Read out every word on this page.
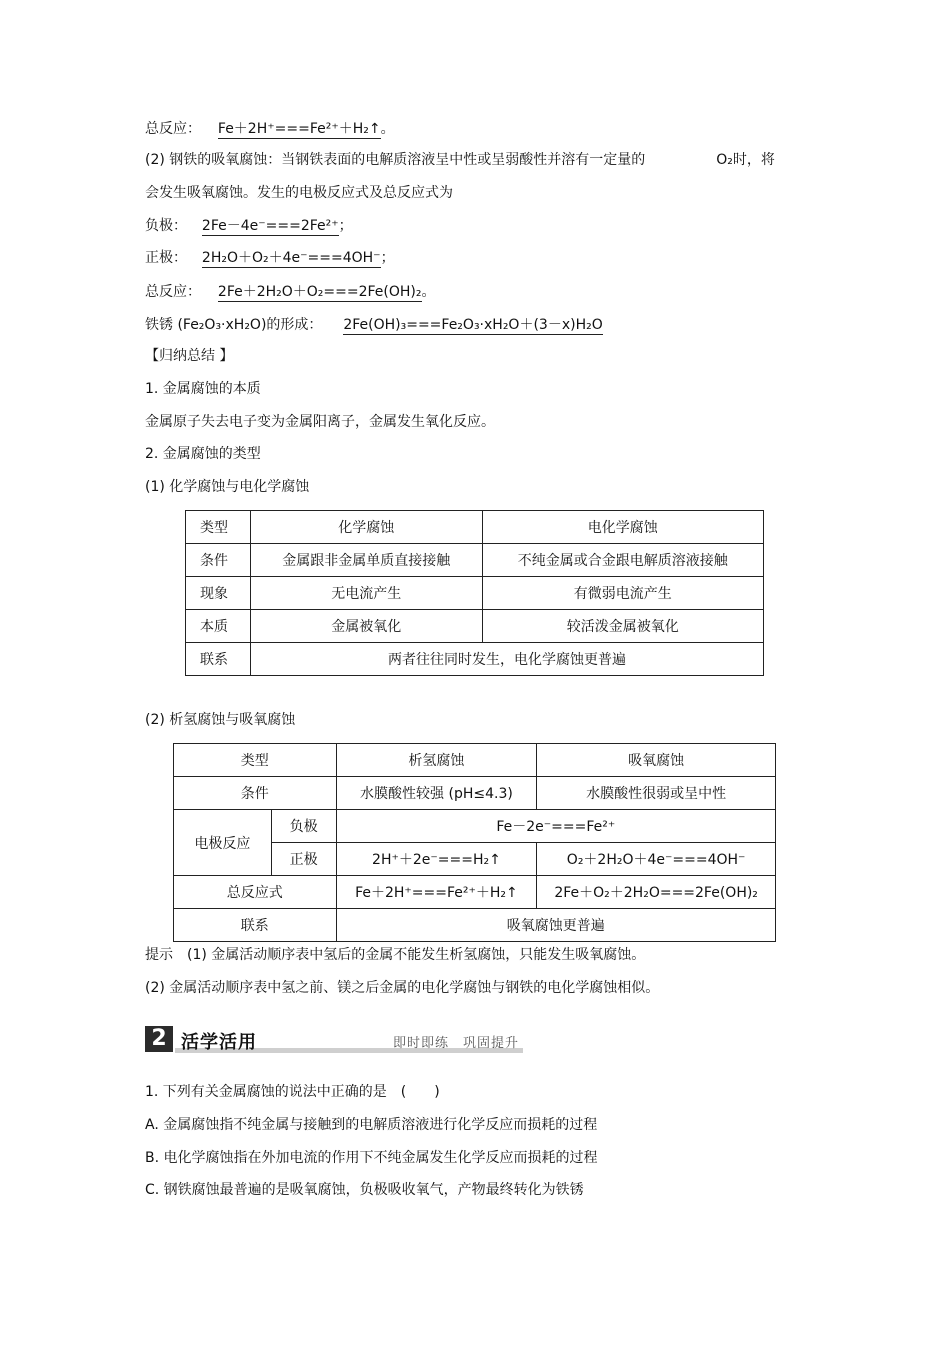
总反应： Fe＋2H⁺===Fe²⁺＋H₂↑。
(2) 钢铁的吸氧腐蚀：当钢铁表面的电解质溶液呈中性或呈弱酸性并溶有一定量的	O₂时，将
会发生吸氧腐蚀。发生的电极反应式及总反应式为
负极： 2Fe－4e⁻===2Fe²⁺；
正极： 2H₂O＋O₂＋4e⁻===4OH⁻；
总反应： 2Fe＋2H₂O＋O₂===2Fe(OH)₂。
铁锈 (Fe₂O₃·xH₂O)的形成： 2Fe(OH)₃===Fe₂O₃·xH₂O＋(3－x)H₂O
【归纳总结 】
1. 金属腐蚀的本质
金属原子失去电子变为金属阳离子，金属发生氧化反应。
2. 金属腐蚀的类型
(1) 化学腐蚀与电化学腐蚀
类型	化学腐蚀	电化学腐蚀
条件	金属跟非金属单质直接接触	不纯金属或合金跟电解质溶液接触
现象	无电流产生	有微弱电流产生
本质	金属被氧化	较活泼金属被氧化
联系	两者往往同时发生，电化学腐蚀更普遍	
(2) 析氢腐蚀与吸氧腐蚀
类型		析氢腐蚀	吸氧腐蚀
条件		水膜酸性较强 (pH≤4.3)	水膜酸性很弱或呈中性
电极反应	负极	Fe－2e⁻===Fe²⁺	
	正极	2H⁺＋2e⁻===H₂↑	O₂＋2H₂O＋4e⁻===4OH⁻
总反应式		Fe＋2H⁺===Fe²⁺＋H₂↑	2Fe＋O₂＋2H₂O===2Fe(OH)₂
联系		吸氧腐蚀更普遍	
提示　(1) 金属活动顺序表中氢后的金属不能发生析氢腐蚀，只能发生吸氧腐蚀。
(2) 金属活动顺序表中氢之前、镁之后金属的电化学腐蚀与钢铁的电化学腐蚀相似。
2 活学活用	即时即练　巩固提升
1. 下列有关金属腐蚀的说法中正确的是　(　　)
A. 金属腐蚀指不纯金属与接触到的电解质溶液进行化学反应而损耗的过程
B. 电化学腐蚀指在外加电流的作用下不纯金属发生化学反应而损耗的过程
C. 钢铁腐蚀最普遍的是吸氧腐蚀，负极吸收氧气，产物最终转化为铁锈
